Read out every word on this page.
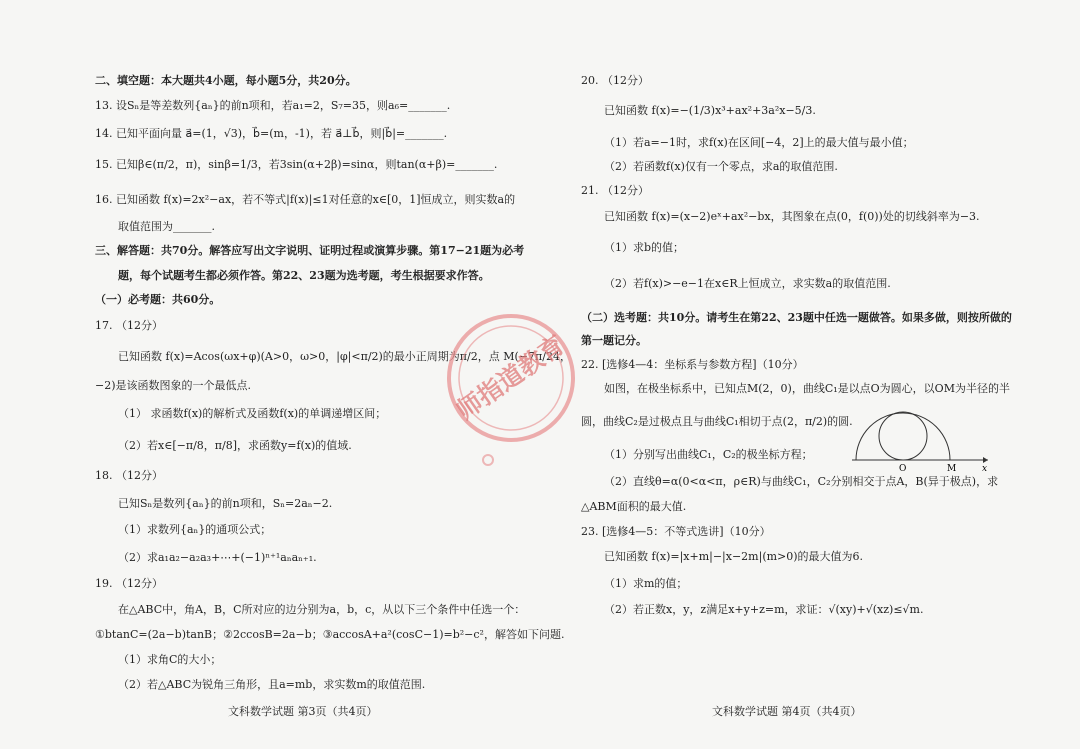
二、填空题：本大题共4小题，每小题5分，共20分。
13. 设Sₙ是等差数列{aₙ}的前n项和，若a₁=2，S₇=35，则a₆=_______.
14. 已知平面向量 a⃗=(1，√3)，b⃗=(m，-1)，若 a⃗⊥b⃗，则|b⃗|=_______.
15. 已知β∈(π/2，π)，sinβ=1/3，若3sin(α+2β)=sinα，则tan(α+β)=_______.
16. 已知函数 f(x)=2x²−ax，若不等式|f(x)|≤1对任意的x∈[0，1]恒成立，则实数a的
取值范围为_______.
三、解答题：共70分。解答应写出文字说明、证明过程或演算步骤。第17−21题为必考
题，每个试题考生都必须作答。第22、23题为选考题，考生根据要求作答。
（一）必考题：共60分。
17. （12分）
已知函数 f(x)=Acos(ωx+φ)(A>0，ω>0，|φ|<π/2)的最小正周期为π/2，点 M(−7π/24，
−2)是该函数图象的一个最低点.
（1） 求函数f(x)的解析式及函数f(x)的单调递增区间；
（2）若x∈[−π/8，π/8]，求函数y=f(x)的值域.
18. （12分）
已知Sₙ是数列{aₙ}的前n项和，Sₙ=2aₙ−2.
（1）求数列{aₙ}的通项公式；
（2）求a₁a₂−a₂a₃+⋯+(−1)ⁿ⁺¹aₙaₙ₊₁.
19. （12分）
在△ABC中，角A，B，C所对应的边分别为a，b，c，从以下三个条件中任选一个：
①btanC=(2a−b)tanB；②2ccosB=2a−b；③accosA+a²(cosC−1)=b²−c²，解答如下问题.
（1）求角C的大小；
（2）若△ABC为锐角三角形，且a=mb，求实数m的取值范围.
文科数学试题 第3页（共4页）
20. （12分）
已知函数 f(x)=−(1/3)x³+ax²+3a²x−5/3.
（1）若a=−1时，求f(x)在区间[−4，2]上的最大值与最小值；
（2）若函数f(x)仅有一个零点，求a的取值范围.
21. （12分）
已知函数 f(x)=(x−2)eˣ+ax²−bx，其图象在点(0，f(0))处的切线斜率为−3.
（1）求b的值；
（2）若f(x)>−e−1在x∈R上恒成立，求实数a的取值范围.
（二）选考题：共10分。请考生在第22、23题中任选一题做答。如果多做，则按所做的
第一题记分。
22. [选修4—4：坐标系与参数方程]（10分）
如图，在极坐标系中，已知点M(2，0)，曲线C₁是以点O为圆心，以OM为半径的半
圆，曲线C₂是过极点且与曲线C₁相切于点(2，π/2)的圆.
（1）分别写出曲线C₁，C₂的极坐标方程；
（2）直线θ=α(0<α<π，ρ∈R)与曲线C₁，C₂分别相交于点A，B(异于极点)，求
△ABM面积的最大值.
23. [选修4—5：不等式选讲]（10分）
已知函数 f(x)=|x+m|−|x−2m|(m>0)的最大值为6.
（1）求m的值；
（2）若正数x，y，z满足x+y+z=m，求证：√(xy)+√(xz)≤√m.
文科数学试题 第4页（共4页）
O	M	x
师指道教育
